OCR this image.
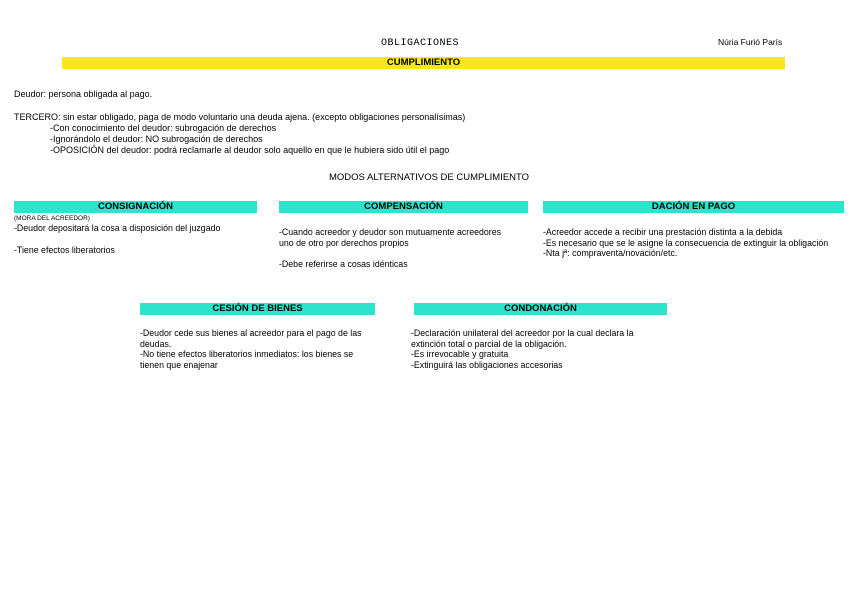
OBLIGACIONES	Núria Furió París
CUMPLIMIENTO
Deudor: persona obligada al pago.
TERCERO: sin estar obligado, paga de modo voluntario una deuda ajena. (excepto obligaciones personalísimas)
-Con conocimiento del deudor: subrogación de derechos
-Ignorándolo el deudor: NO subrogación de derechos
-OPOSICIÓN del deudor: podrá reclamarle al deudor solo aquello en que le hubiera sido útil el pago
MODOS ALTERNATIVOS DE CUMPLIMIENTO
CONSIGNACIÓN
(MORA DEL ACREEDOR)
-Deudor depositará la cosa a disposición del juzgado
-Tiene efectos liberatorios
COMPENSACIÓN
-Cuando acreedor y deudor son mutuamente acreedores uno de otro por derechos propios
-Debe referirse a cosas idénticas
DACIÓN EN PAGO
-Acreedor accede a recibir una prestación distinta a la debida
-Es necesario que se le asigne la consecuencia de extinguir la obligación
-Nta jª: compraventa/novación/etc.
CESIÓN DE BIENES
-Deudor cede sus bienes al acreedor para el pago de las deudas.
-No tiene efectos liberatorios inmediatos: los bienes se tienen que enajenar
CONDONACIÓN
-Declaración unilateral del acreedor por la cual declara la extinción total o parcial de la obligación.
-Es irrevocable y gratuita
-Extinguirá las obligaciones accesorias
